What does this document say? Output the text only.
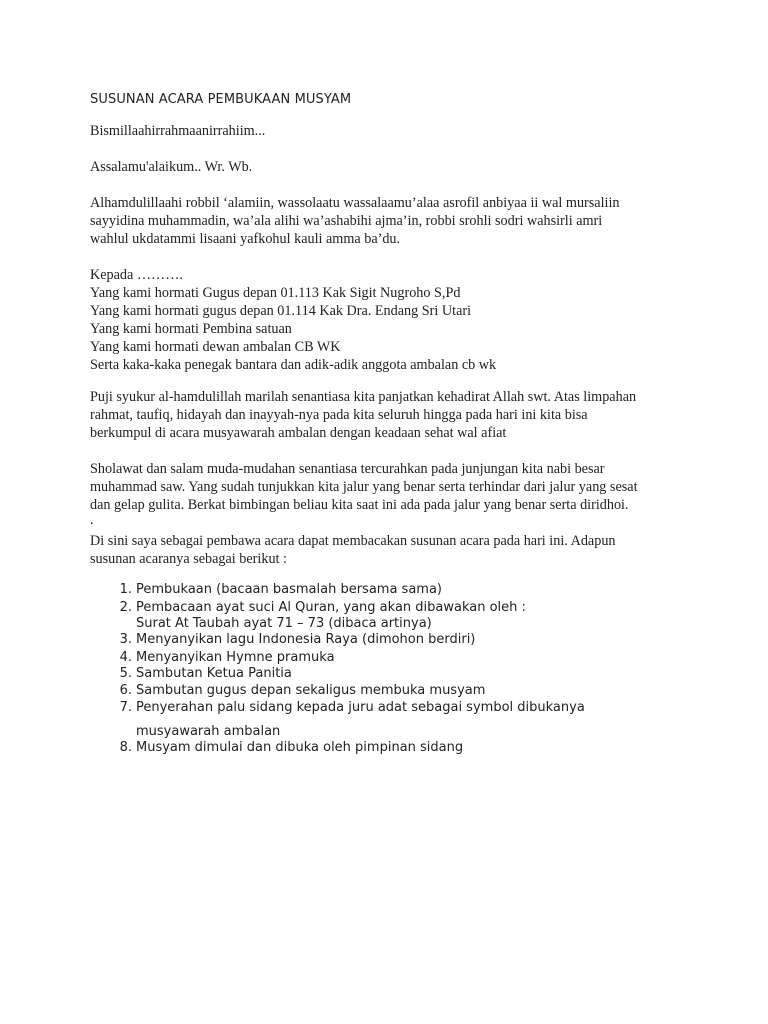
SUSUNAN ACARA PEMBUKAAN MUSYAM

Bismillaahirrahmaanirrahiim...

Assalamu'alaikum.. Wr. Wb.

Alhamdulillaahi robbil ‘alamiin, wassolaatu wassalaamu’alaa asrofil anbiyaa ii wal mursaliin

sayyidina muhammadin, wa’ala alihi wa’ashabihi ajma’in, robbi srohli sodri wahsirli amri

wahlul ukdatammi lisaani yafkohul kauli amma ba’du.

Kepada ……….

Yang kami hormati Gugus depan 01.113 Kak Sigit Nugroho S,Pd

Yang kami hormati gugus depan 01.114 Kak Dra. Endang Sri Utari

Yang kami hormati Pembina satuan

Yang kami hormati dewan ambalan CB WK

Serta kaka-kaka penegak bantara dan adik-adik anggota ambalan cb wk

Puji syukur al-hamdulillah marilah senantiasa kita panjatkan kehadirat Allah swt. Atas limpahan

rahmat, taufiq, hidayah dan inayyah-nya pada kita seluruh hingga pada hari ini kita bisa

berkumpul di acara musyawarah ambalan dengan keadaan sehat wal afiat

Sholawat dan salam muda-mudahan senantiasa tercurahkan pada junjungan kita nabi besar

muhammad saw. Yang sudah tunjukkan kita jalur yang benar serta terhindar dari jalur yang sesat

dan gelap gulita. Berkat bimbingan beliau kita saat ini ada pada jalur yang benar serta diridhoi.

.

Di sini saya sebagai pembawa acara dapat membacakan susunan acara pada hari ini. Adapun

susunan acaranya sebagai berikut :

1. Pembukaan (bacaan basmalah bersama sama)
2. Pembacaan ayat suci Al Quran, yang akan dibawakan oleh :
Surat At Taubah ayat 71 – 73 (dibaca artinya)
3. Menyanyikan lagu Indonesia Raya (dimohon berdiri)
4. Menyanyikan Hymne pramuka
5. Sambutan Ketua Panitia
6. Sambutan gugus depan sekaligus membuka musyam
7. Penyerahan palu sidang kepada juru adat sebagai symbol dibukanya
musyawarah ambalan
8. Musyam dimulai dan dibuka oleh pimpinan sidang
